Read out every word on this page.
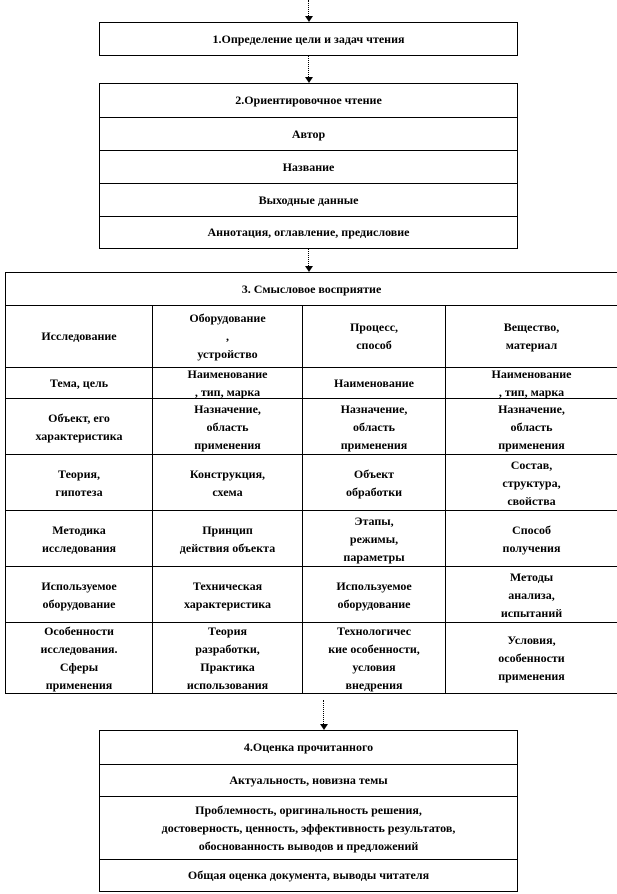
1.Определение цели и задач чтения
2.Ориентировочное чтение
Автор
Название
Выходные данные
Аннотация, оглавление, предисловие
3. Смысловое восприятие
Исследование
Оборудование
,
устройство
Процесс,
способ
Вещество,
материал
Тема, цель
Наименование
, тип, марка
Наименование
Наименование
, тип, марка
Объект, его
характеристика
Назначение,
область
применения
Назначение,
область
применения
Назначение,
область
применения
Теория,
гипотеза
Конструкция,
схема
Объект
обработки
Состав,
структура,
свойства
Методика
исследования
Принцип
действия объекта
Этапы,
режимы,
параметры
Способ
получения
Используемое
оборудование
Техническая
характеристика
Используемое
оборудование
Методы
анализа,
испытаний
Особенности
исследования.
Сферы
применения
Теория
разработки,
Практика
использования
Технологичес
кие особенности,
условия
внедрения
Условия,
особенности
применения
4.Оценка прочитанного
Актуальность, новизна темы
Проблемность, оригинальность решения,
достоверность, ценность, эффективность результатов,
обоснованность выводов и предложений
Общая оценка документа, выводы читателя
